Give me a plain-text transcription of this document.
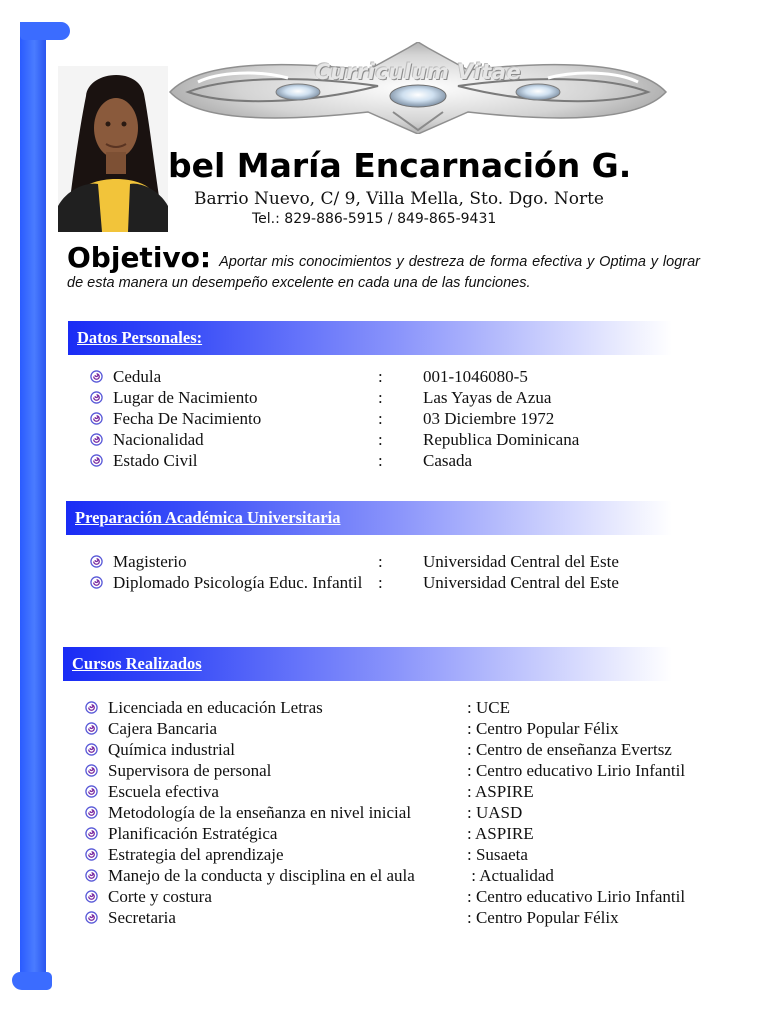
Curriculum Vitae
bel María Encarnación G.
Barrio Nuevo, C/ 9, Villa Mella, Sto. Dgo. Norte
Tel.: 829-886-5915 / 849-865-9431
Objetivo: Aportar mis conocimientos y destreza de forma efectiva y Optima y lograr de esta manera un desempeño excelente en cada una de las funciones.
Datos Personales:
Cedula	: 001-1046080-5
Lugar de Nacimiento	: Las Yayas de Azua
Fecha De Nacimiento	: 03 Diciembre 1972
Nacionalidad	: Republica Dominicana
Estado Civil	: Casada
Preparación Académica Universitaria
Magisterio	: Universidad Central del Este
Diplomado Psicología Educ. Infantil : Universidad Central del Este
Cursos Realizados
Licenciada en educación Letras	: UCE
Cajera Bancaria	: Centro Popular Félix
Química industrial	: Centro de enseñanza Evertsz
Supervisora de personal	: Centro educativo Lirio Infantil
Escuela efectiva	: ASPIRE
Metodología de la enseñanza en nivel inicial	: UASD
Planificación Estratégica	: ASPIRE
Estrategia del aprendizaje	: Susaeta
Manejo de la conducta y disciplina en el aula	: Actualidad
Corte y costura	: Centro educativo Lirio Infantil
Secretaria	: Centro Popular Félix
